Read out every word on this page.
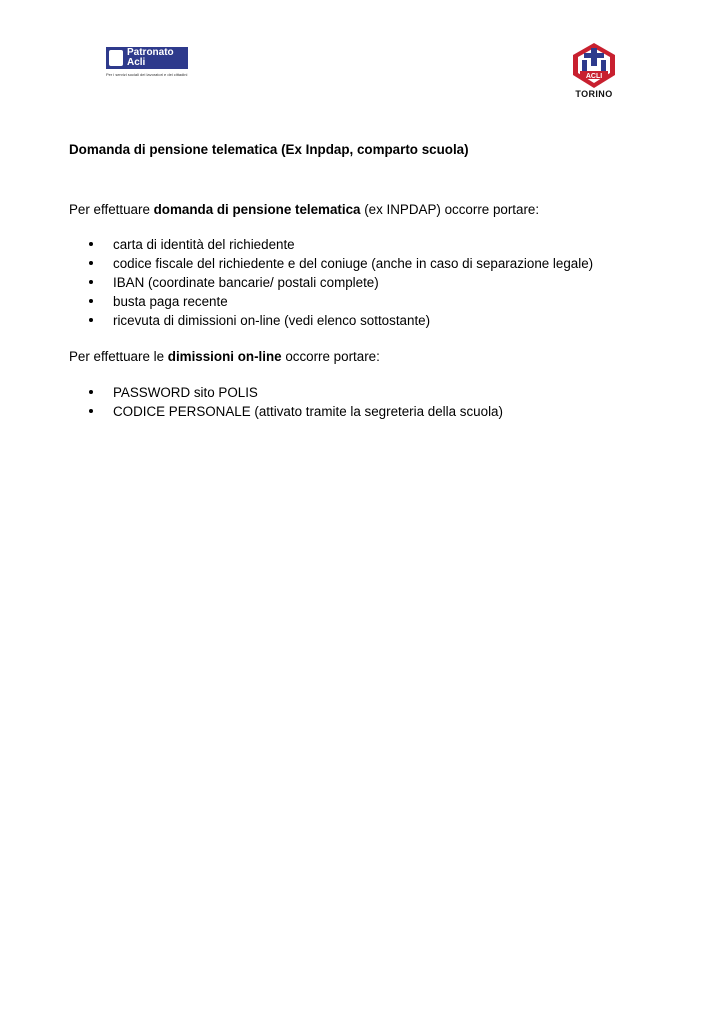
Patronato
Acli
Per i servizi sociali dei lavoratori e dei cittadini	ACLI
TORINO

Domanda di pensione telematica (Ex Inpdap, comparto scuola)

Per effettuare domanda di pensione telematica (ex INPDAP) occorre portare:

carta di identità del richiedente
codice fiscale del richiedente e del coniuge (anche in caso di separazione legale)
IBAN (coordinate bancarie/ postali complete)
busta paga recente
ricevuta di dimissioni on-line (vedi elenco sottostante)

Per effettuare le dimissioni on-line occorre portare:

PASSWORD sito POLIS
CODICE PERSONALE (attivato tramite la segreteria della scuola)
